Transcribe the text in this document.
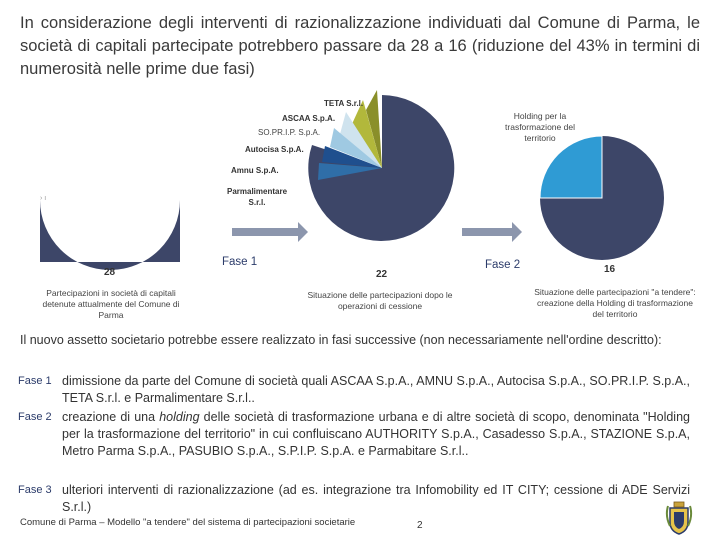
In considerazione degli interventi di razionalizzazione individuati dal Comune di Parma, le società di capitali partecipate potrebbero passare da 28 a 16 (riduzione del 43% in termini di numerosità nelle prime due fasi)
TETA S.r.l.
ASCAA S.p.A.
SO.PR.I.P. S.p.A.
Autocisa S.p.A.
Amnu S.p.A.
Parmalimentare S.r.l.
› ı
Holding per la trasformazione del territorio
Fase 1	Fase 2
28	22	16
Partecipazioni in società di capitali detenute attualmente del Comune di Parma
Situazione delle partecipazioni dopo le operazioni di cessione
Situazione delle partecipazioni "a tendere": creazione della Holding di trasformazione del territorio
Il nuovo assetto societario potrebbe essere realizzato in fasi successive (non necessariamente nell'ordine descritto):
Fase 1 dimissione da parte del Comune di società quali ASCAA S.p.A., AMNU S.p.A., Autocisa S.p.A., SO.PR.I.P. S.p.A., TETA S.r.l. e Parmalimentare S.r.l..
Fase 2 creazione di una holding delle società di trasformazione urbana e di altre società di scopo, denominata "Holding per la trasformazione del territorio" in cui confluiscano AUTHORITY S.p.A., Casadesso S.p.A., STAZIONE S.p.A, Metro Parma S.p.A., PASUBIO S.p.A., S.P.I.P. S.p.A. e Parmabitare S.r.l..
Fase 3 ulteriori interventi di razionalizzazione (ad es. integrazione tra Infomobility ed IT CITY; cessione di ADE Servizi S.r.l.)
Comune di Parma – Modello "a tendere" del sistema di partecipazioni societarie	2
